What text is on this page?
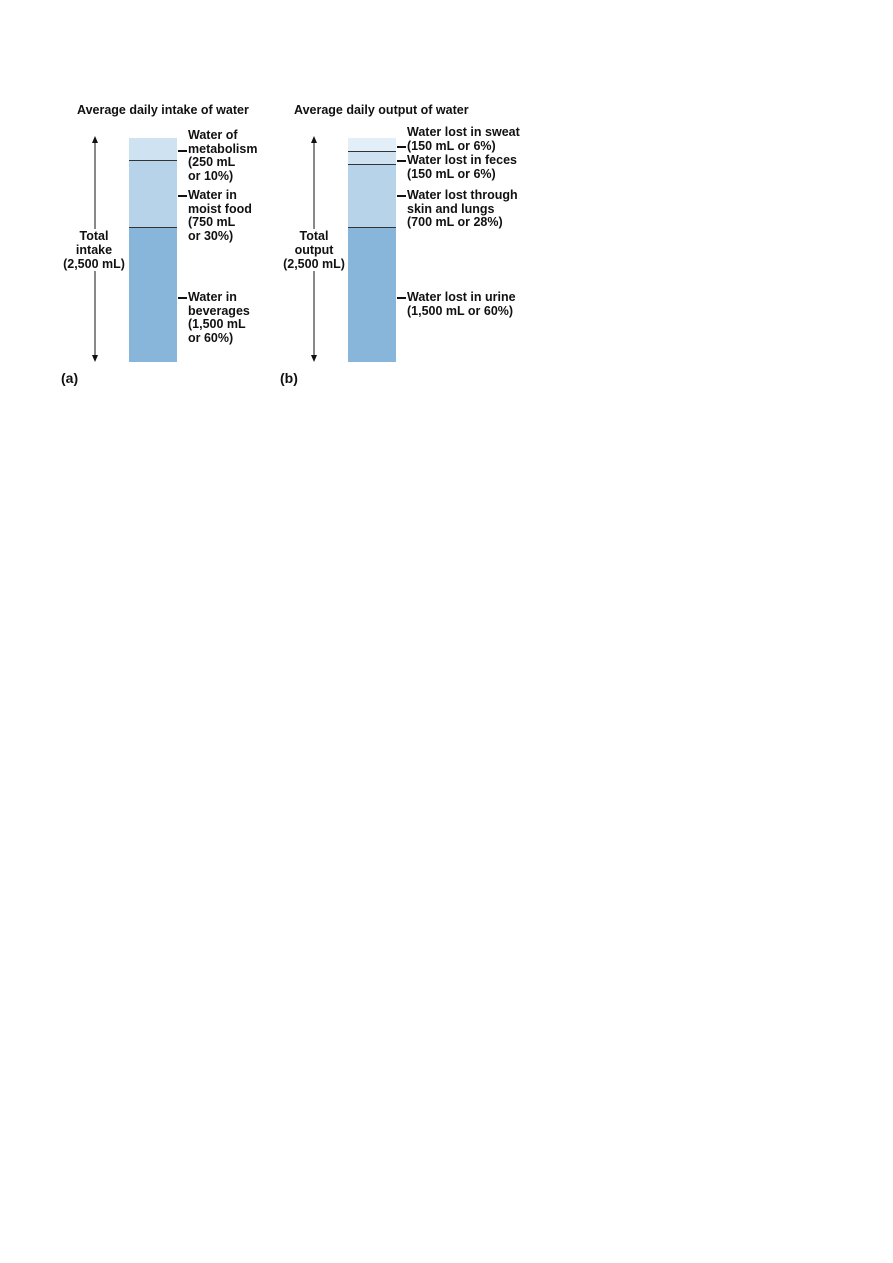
Average daily intake of water
Total
intake
(2,500 mL)
Water of
metabolism
(250 mL
or 10%)
Water in
moist food
(750 mL
or 30%)
Water in
beverages
(1,500 mL
or 60%)
(a)
Average daily output of water
Total
output
(2,500 mL)
Water lost in sweat
(150 mL or 6%)
Water lost in feces
(150 mL or 6%)
Water lost through
skin and lungs
(700 mL or 28%)
Water lost in urine
(1,500 mL or 60%)
(b)
